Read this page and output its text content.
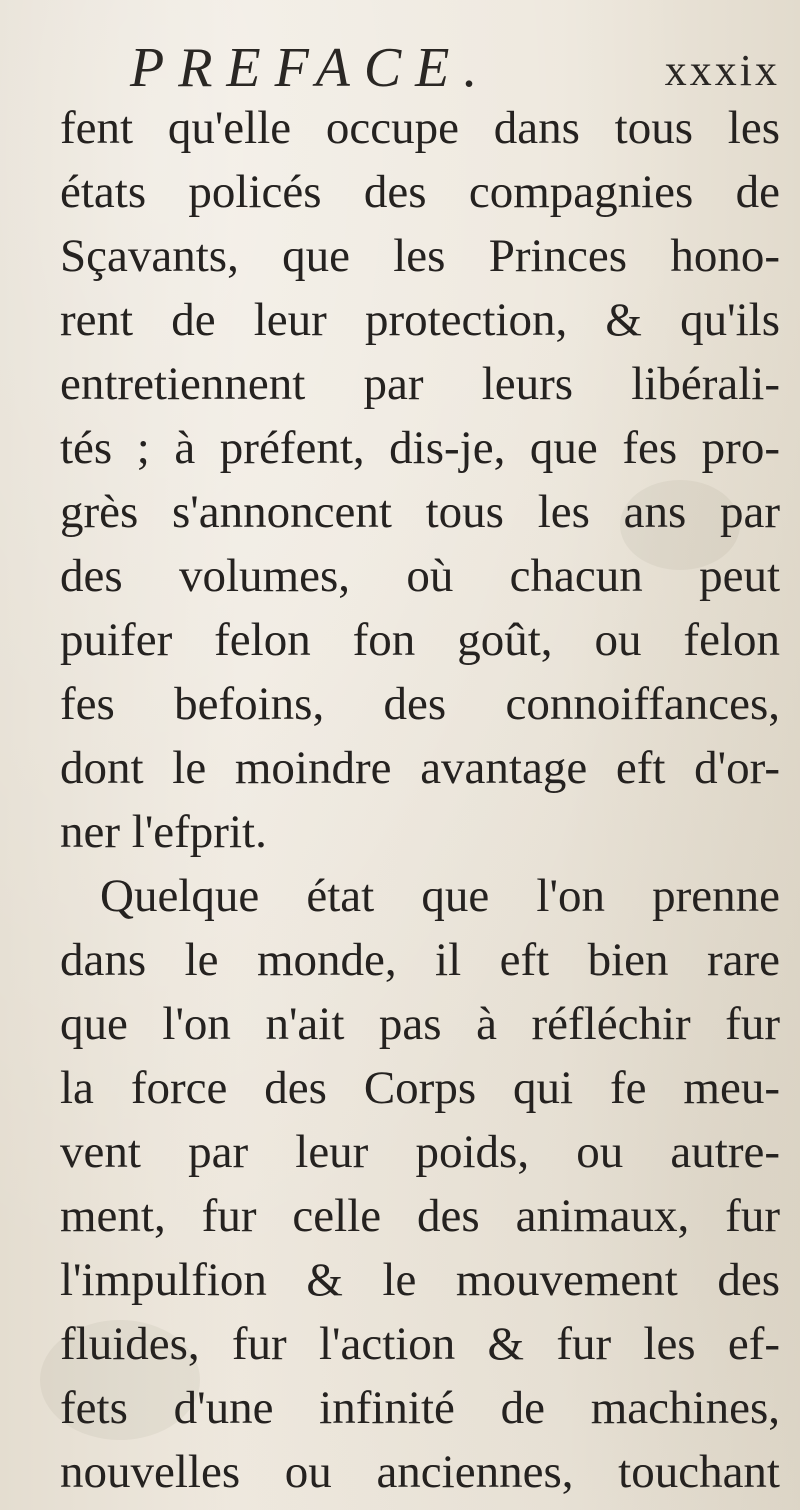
PREFACE.	xxxix
fent qu'elle occupe dans tous les
états policés des compagnies de
Sçavants, que les Princes hono-
rent de leur protection, & qu'ils
entretiennent par leurs libérali-
tés ; à préfent, dis-je, que fes pro-
grès s'annoncent tous les ans par
des volumes, où chacun peut
puifer felon fon goût, ou felon
fes befoins, des connoiffances,
dont le moindre avantage eft d'or-
ner l'efprit.
Quelque état que l'on prenne
dans le monde, il eft bien rare
que l'on n'ait pas à réfléchir fur
la force des Corps qui fe meu-
vent par leur poids, ou autre-
ment, fur celle des animaux, fur
l'impulfion & le mouvement des
fluides, fur l'action & fur les ef-
fets d'une infinité de machines,
nouvelles ou anciennes, touchant
